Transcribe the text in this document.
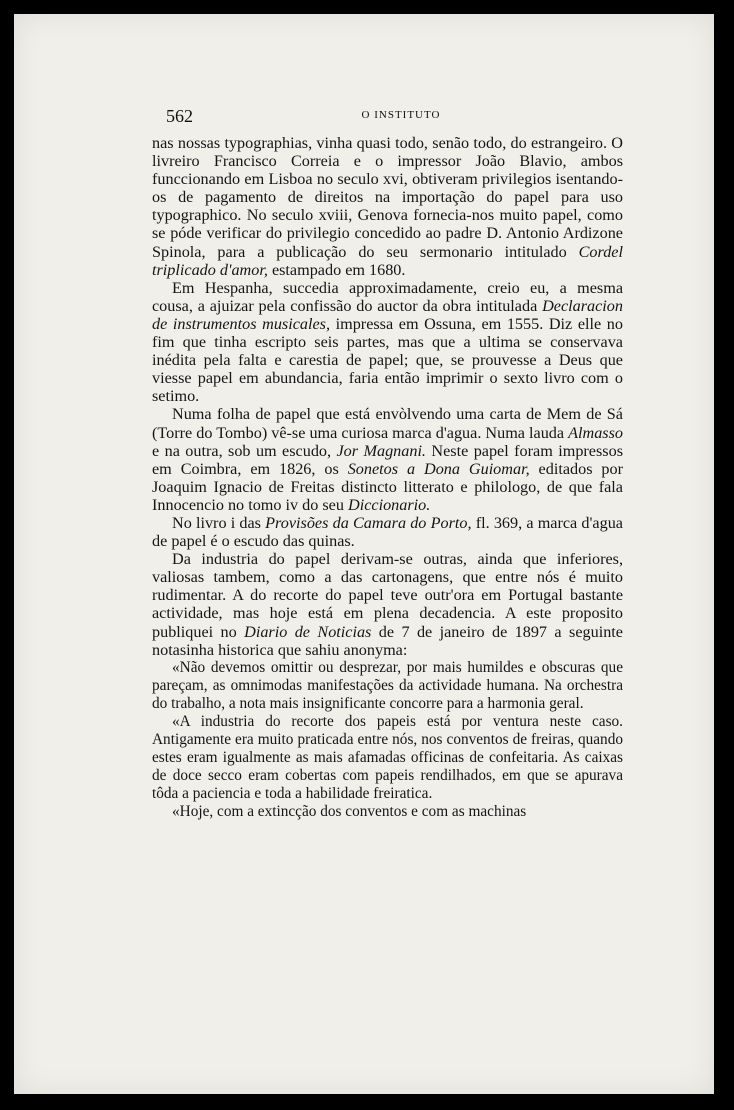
562	O INSTITUTO

nas nossas typographias, vinha quasi todo, senão todo, do estrangeiro. O livreiro Francisco Correia e o impressor João Blavio, ambos funccionando em Lisboa no seculo xvi, obtiveram privilegios isentando-os de pagamento de direitos na importação do papel para uso typographico. No seculo xviii, Genova fornecia-nos muito papel, como se póde verificar do privilegio concedido ao padre D. Antonio Ardizone Spinola, para a publicação do seu sermonario intitulado Cordel triplicado d'amor, estampado em 1680.

Em Hespanha, succedia approximadamente, creio eu, a mesma cousa, a ajuizar pela confissão do auctor da obra intitulada Declaracion de instrumentos musicales, impressa em Ossuna, em 1555. Diz elle no fim que tinha escripto seis partes, mas que a ultima se conservava inédita pela falta e carestia de papel; que, se prouvesse a Deus que viesse papel em abundancia, faria então imprimir o sexto livro com o setimo.

Numa folha de papel que está envòlvendo uma carta de Mem de Sá (Torre do Tombo) vê-se uma curiosa marca d'agua. Numa lauda Almasso e na outra, sob um escudo, Jor Magnani. Neste papel foram impressos em Coimbra, em 1826, os Sonetos a Dona Guiomar, editados por Joaquim Ignacio de Freitas distincto litterato e philologo, de que fala Innocencio no tomo iv do seu Diccionario.

No livro i das Provisões da Camara do Porto, fl. 369, a marca d'agua de papel é o escudo das quinas.

Da industria do papel derivam-se outras, ainda que inferiores, valiosas tambem, como a das cartonagens, que entre nós é muito rudimentar. A do recorte do papel teve outr'ora em Portugal bastante actividade, mas hoje está em plena decadencia. A este proposito publiquei no Diario de Noticias de 7 de janeiro de 1897 a seguinte notasinha historica que sahiu anonyma:

«Não devemos omittir ou desprezar, por mais humildes e obscuras que pareçam, as omnimodas manifestações da actividade humana. Na orchestra do trabalho, a nota mais insignificante concorre para a harmonia geral.

«A industria do recorte dos papeis está por ventura neste caso. Antigamente era muito praticada entre nós, nos conventos de freiras, quando estes eram igualmente as mais afamadas officinas de confeitaria. As caixas de doce secco eram cobertas com papeis rendilhados, em que se apurava tôda a paciencia e toda a habilidade freiratica.

«Hoje, com a extincção dos conventos e com as machinas
